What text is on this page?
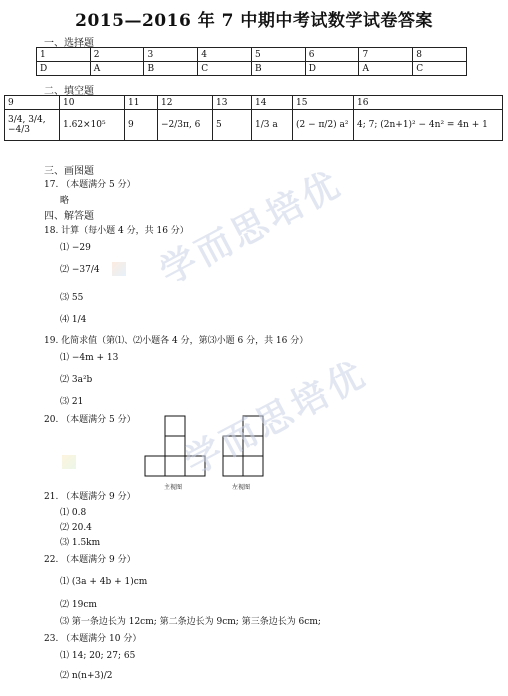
2015—2016 年 7 中期中考试数学试卷答案
一、选择题
1	2	3	4	5	6	7	8
D	A	B	C	B	D	A	C
二、填空题
9	10	11	12	13	14	15	16
3/4, 3/4, −4/3	1.62×10⁵	9	−2/3π, 6	5	1/3 a	(2 − π/2) a²	4; 7; (2n+1)² − 4n² = 4n + 1
三、画图题
17. （本题满分 5 分）
略
四、解答题
18. 计算（每小题 4 分，共 16 分）
⑴ −29
⑵ −37/4
⑶ 55
⑷ 1/4
19. 化简求值（第⑴、⑵小题各 4 分，第⑶小题 6 分，共 16 分）
⑴ −4m + 13
⑵ 3a²b
⑶ 21
20. （本题满分 5 分）
主视图	左视图
21. （本题满分 9 分）
⑴ 0.8
⑵ 20.4
⑶ 1.5km
22. （本题满分 9 分）
⑴ (3a + 4b + 1)cm
⑵ 19cm
⑶ 第一条边长为 12cm; 第二条边长为 9cm; 第三条边长为 6cm;
23. （本题满分 10 分）
⑴ 14; 20; 27; 65
⑵ n(n+3)/2
学而思培优
学而思培优
